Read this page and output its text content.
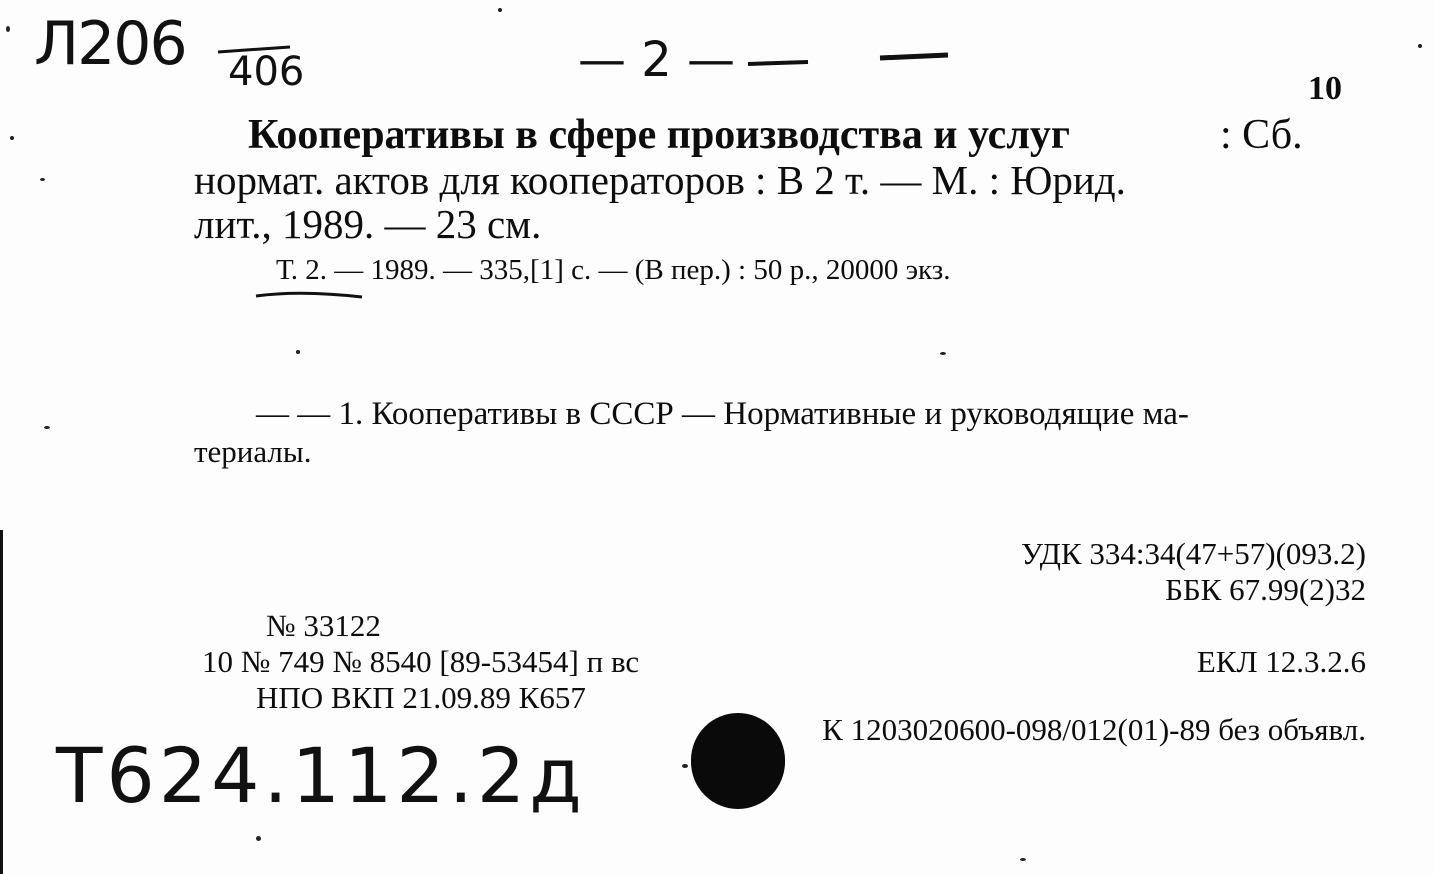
Л206 406	— 2 —
10
Кооперативы в сфере производства и услуг	: Сб.
нормат. актов для кооператоров : В 2 т. — М. : Юрид.
лит., 1989. — 23 см.
Т. 2. — 1989. — 335,[1] с. — (В пер.) : 50 р., 20000 экз.
— — 1. Кооперативы в СССР — Нормативные и руководящие ма-
териалы.
УДК 334:34(47+57)(093.2)
ББК 67.99(2)32
ЕКЛ 12.3.2.6
№ 33122
10 № 749 № 8540 [89-53454] п вс
НПО ВКП 21.09.89 К657
К 1203020600-098/012(01)-89 без объявл.
Т624.112.2д
